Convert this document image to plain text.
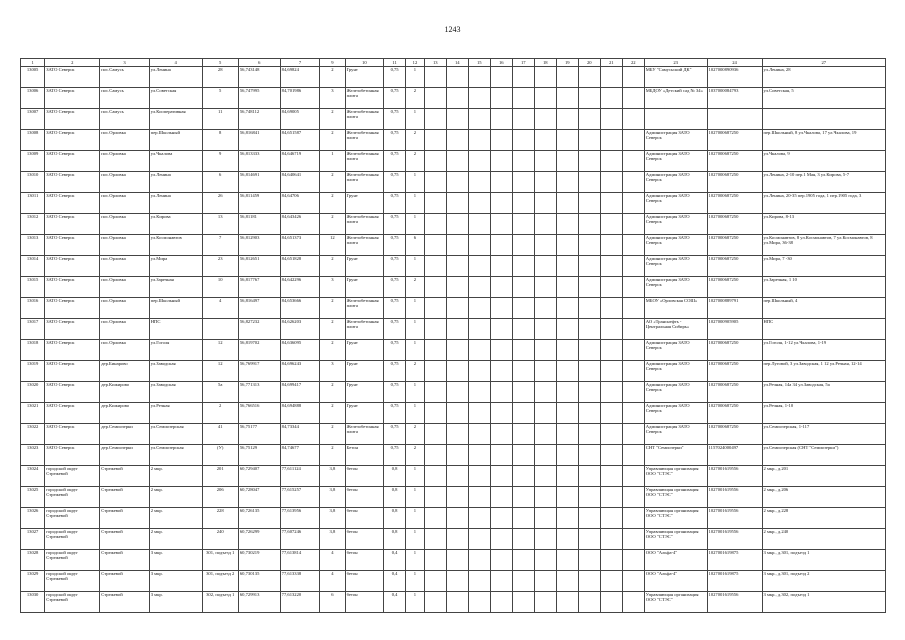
1243
1	2	3	4	5	6	7	9	10	11	12	13	14	15	16	17	18	19	20	21	22	23	24	27
13005	ЗАТО Северск	пос.Самусь	ул.Ленина	28	56,743148	84,69824	2	Грунт	0,75	1											МБУ "Самусьский ДК"	1027000890936	ул.Ленина, 28
13006	ЗАТО Северск	пос.Самусь	ул.Советская	5	56,747995	84,701986	3	Железобетонная плита	0,75	2											МБДОУ «Детский сад № 34»	1037000084793	ул.Советская, 5
13007	ЗАТО Северск	пос.Самусь	ул.Кооперативная	11	56,748112	84,69005	2	Железобетонная плита	0,75	1													
13008	ЗАТО Северск	пос.Орловка	пер.Школьный	8	56,816841	84,651587	2	Железобетонная плита	0,75	2											Администрация ЗАТО Северск	1027000687250	пер.Школьный, 8 ул.Чкалова, 17 ул.Чкалова, 19
13009	ЗАТО Северск	пос.Орловка	ул.Чкалова	9	56,813333	84,646719	1	Железобетонная плита	0,75	2											Администрация ЗАТО Северск	1027000687250	ул.Чкалова, 9
13010	ЗАТО Северск	пос.Орловка	ул.Ленина	6	56,814691	84,640641	2	Железобетонная плита	0,75	1											Администрация ЗАТО Северск	1027000687250	ул.Ленина, 2-10 пер.1 Мая, 3 ул.Кирова, 5-7
13011	ЗАТО Северск	пос.Орловка	ул.Ленина	26	56,811459	84,64706	2	Грунт	0,75	1											Администрация ЗАТО Северск	1027000687250	ул.Ленина, 20-35 пер.1905 года, 1 пер.1905 года, 3
13012	ЗАТО Северск	пос.Орловка	ул.Кирова	13	56,81181	84,643426	2	Железобетонная плита	0,75	1											Администрация ЗАТО Северск	1027000687250	ул.Кирова, 8-13
13013	ЗАТО Северск	пос.Орловка	ул.Космонавтов	7	56,812903	84,651373	12	Железобетонная плита	0,75	6											Администрация ЗАТО Северск	1027000687250	ул.Космонавтов, 8 ул.Космонавтов, 7 ул.Космонавтов, 8 ул.Мира, 36-38
13014	ЗАТО Северск	пос.Орловка	ул.Мира	23	56,812651	84,651828	2	Грунт	0,75	1											Администрация ЗАТО Северск	1027000687250	ул.Мира, 7 -30
13015	ЗАТО Северск	пос.Орловка	ул.Заречная	10	56,817767	84,642296	3	Грунт	0,75	2											Администрация ЗАТО Северск	1027000687250	ул.Заречная, 1 10
13016	ЗАТО Северск	пос.Орловка	пер.Школьный	4	56,816497	84,653666	2	Железобетонная плита	0,75	1											МБОУ «Орловская СОШ»	1027000889791	пер.Школьный, 4
13017	ЗАТО Северск	пос.Орловка	НПС		56,827232	84,626203	2	Железобетонная плита	0,75	1											АО «Транснефть - Центральная Сибирь»	1027000905905	НПС
13018	ЗАТО Северск	пос.Орловка	ул.Гоголя	12	56,819702	84,636095	2	Грунт	0,75	1											Администрация ЗАТО Северск	1027000687250	ул.Гоголя, 1-12 ул.Чкалова, 1-19
13019	ЗАТО Северск	дер.Бинарово	ул.Заводская	12	56,769917	84,696243	3	Грунт	0,75	2											Администрация ЗАТО Северск	1027000687250	пер.Луговой, 3 ул.Заводская, 1 12 ул.Речная, 12-14
13020	ЗАТО Северск	дер.Кижирово	ул.Заводская	5а	56,771313	84,699417	2	Грунт	0,75	1											Администрация ЗАТО Северск	1027000687250	ул.Речная, 14а 34 ул.Заводская, 5а
13021	ЗАТО Северск	дер.Кижирово	ул.Речная	2	56,766516	84,694888	2	Грунт	0,75	1											Администрация ЗАТО Северск	1027000687250	ул.Речная, 1-10
13022	ЗАТО Северск	дер.Семиозерки	ул.Семиозерская	41	56,75177	84,73344	2	Железобетонная плита	0,75	2											Администрация ЗАТО Северск	1027000687250	ул.Семиозерская, 1-117
13023	ЗАТО Северск	дер.Семиозерки	ул.Семиозерская	(У)	56,75129	84,74677	2	Бетон	0,75	2											СНТ "Семиозерки"	1157024000497	ул.Семиозерская (СНТ "Семиозерки")
13024	городской округ Стрежевой	Стрежевой	2 мкр.	201	60,729407	77,611124	3,8	бетон	0,8	1											Управляющая организация ООО "СТЭС"	1027001619556	2 мкр., д.201
13025	городской округ Стрежевой	Стрежевой	2 мкр.	206	60,728047	77,615257	3,8	бетон	0,8	1											Управляющая организация ООО "СТЭС"	1027001619556	2 мкр., д.206
13026	городской округ Стрежевой	Стрежевой	2 мкр.	228	60,726135	77,613956	3,8	бетон	0,8	1											Управляющая организация ООО "СТЭС"	1027001619556	2 мкр., д.228
13027	городской округ Стрежевой	Стрежевой	2 мкр.	240	60,726299	77,607246	3,8	бетон	0,8	1											Управляющая организация ООО "СТЭС"	1027001619556	2 мкр., д.240
13028	городской округ Стрежевой	Стрежевой	3 мкр.	301, подъезд 1	60,730219	77,613814	4	бетон	0,4	1											ООО "Альфа-4"	1027001619875	3 мкр., д.301, подъезд 1
13029	городской округ Стрежевой	Стрежевой	3 мкр.	301, подъезд 2	60,730135	77,613338	4	бетон	0,4	1											ООО "Альфа-4"	1027001619875	3 мкр., д.301, подъезд 2
13030	городской округ Стрежевой	Стрежевой	3 мкр.	302, подъезд 1	60,729913	77,613220	6	бетон	0,4	1											Управляющая организация ООО "СТЭС"	1027001619556	3 мкр., д.302, подъезд 1
